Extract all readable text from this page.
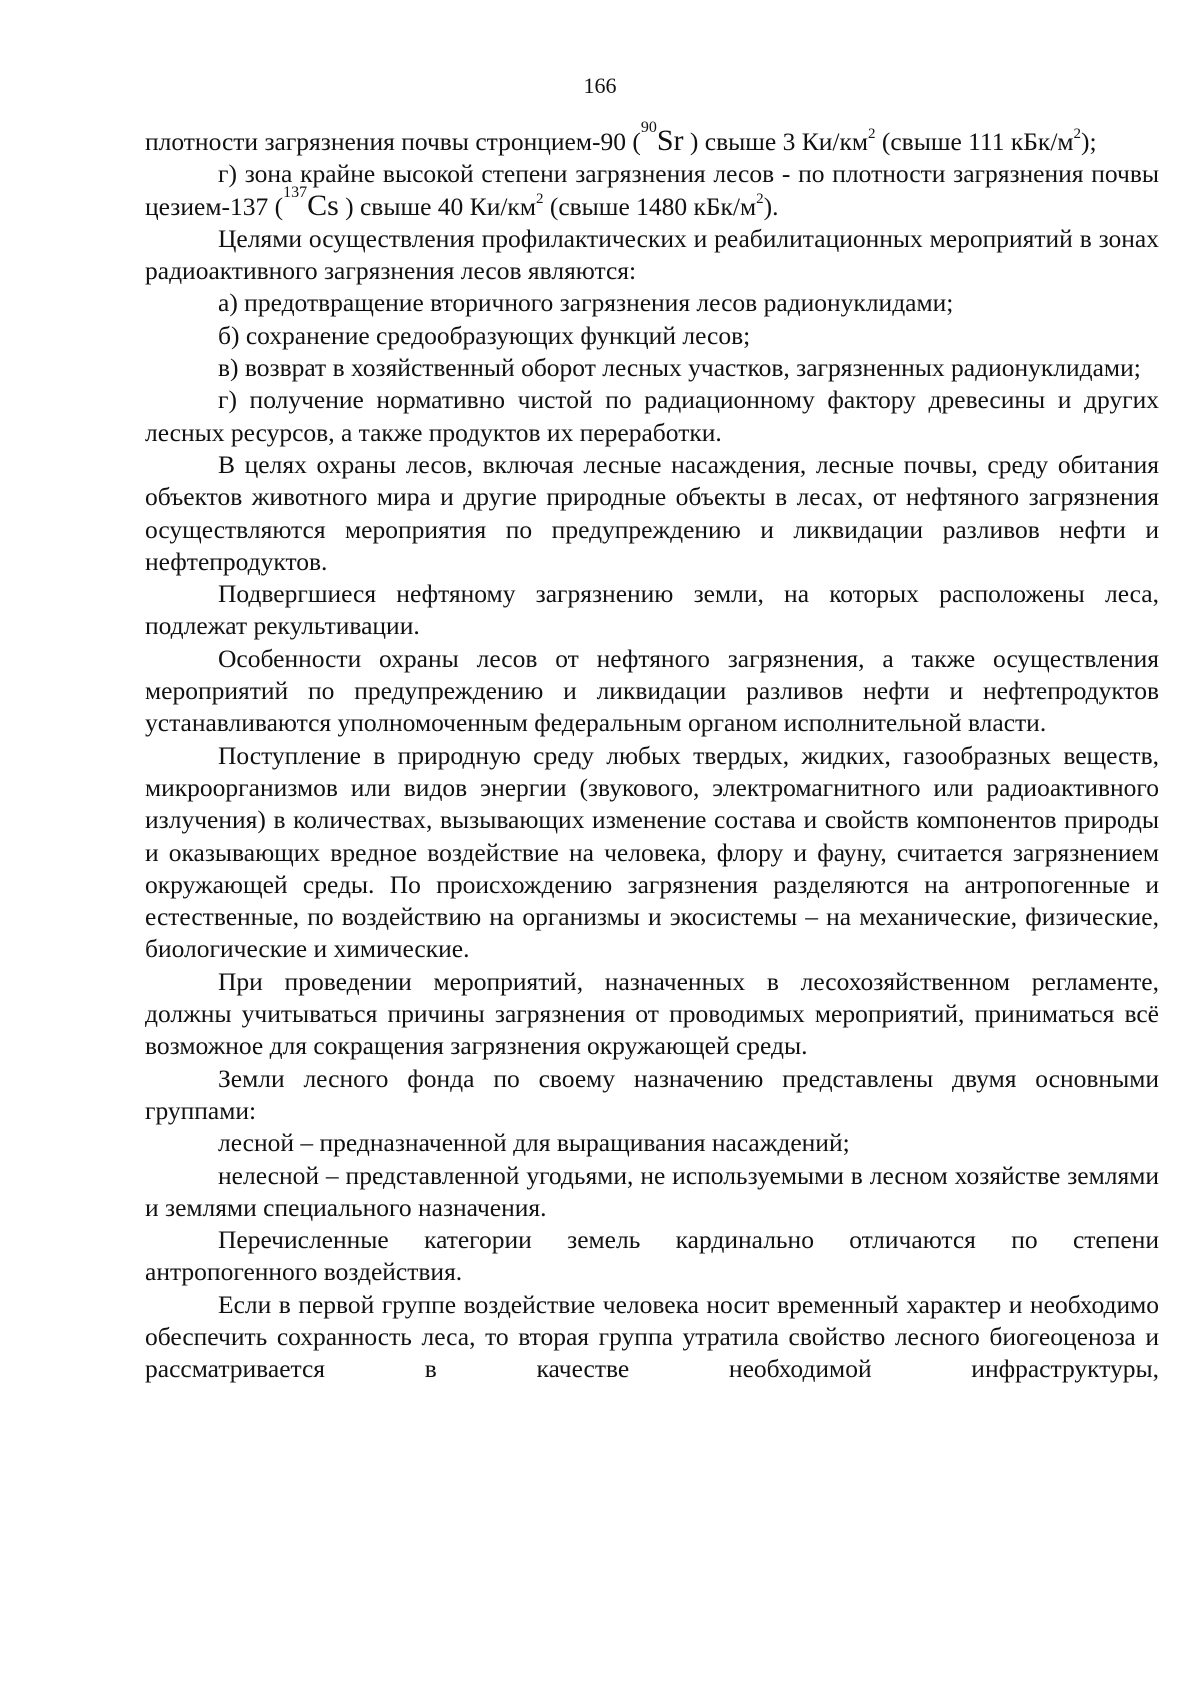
166

плотности загрязнения почвы стронцием-90 ($^{90}$Sr ) свыше 3 $Ки/км^2$ (свыше 111 кБк/$м^2$);

г) зона крайне высокой степени загрязнения лесов - по плотности загрязнения почвы цезием-137 ($^{137}$Cs ) свыше 40 $Ки/км^2$ (свыше 1480 кБк/$м^2$).

Целями осуществления профилактических и реабилитационных мероприятий в зонах радиоактивного загрязнения лесов являются:

а) предотвращение вторичного загрязнения лесов радионуклидами;

б) сохранение средообразующих функций лесов;

в) возврат в хозяйственный оборот лесных участков, загрязненных радионуклидами;

г) получение нормативно чистой по радиационному фактору древесины и других лесных ресурсов, а также продуктов их переработки.

В целях охраны лесов, включая лесные насаждения, лесные почвы, среду обитания объектов животного мира и другие природные объекты в лесах, от нефтяного загрязнения осуществляются мероприятия по предупреждению и ликвидации разливов нефти и нефтепродуктов.

Подвергшиеся нефтяному загрязнению земли, на которых расположены леса, подлежат рекультивации.

Особенности охраны лесов от нефтяного загрязнения, а также осуществления мероприятий по предупреждению и ликвидации разливов нефти и нефтепродуктов устанавливаются уполномоченным федеральным органом исполнительной власти.

Поступление в природную среду любых твердых, жидких, газообразных веществ, микроорганизмов или видов энергии (звукового, электромагнитного или радиоактивного излучения) в количествах, вызывающих изменение состава и свойств компонентов природы и оказывающих вредное воздействие на человека, флору и фауну, считается загрязнением окружающей среды. По происхождению загрязнения разделяются на антропогенные и естественные, по воздействию на организмы и экосистемы – на механические, физические, биологические и химические.

При проведении мероприятий, назначенных в лесохозяйственном регламенте, должны учитываться причины загрязнения от проводимых мероприятий, приниматься всё возможное для сокращения загрязнения окружающей среды.

Земли лесного фонда по своему назначению представлены двумя основными группами:

лесной – предназначенной для выращивания насаждений;

нелесной – представленной угодьями, не используемыми в лесном хозяйстве землями и землями специального назначения.

Перечисленные категории земель кардинально отличаются по степени антропогенного воздействия.

Если в первой группе воздействие человека носит временный характер и необходимо обеспечить сохранность леса, то вторая группа утратила свойство лесного биогеоценоза и рассматривается в качестве необходимой инфраструктуры,
